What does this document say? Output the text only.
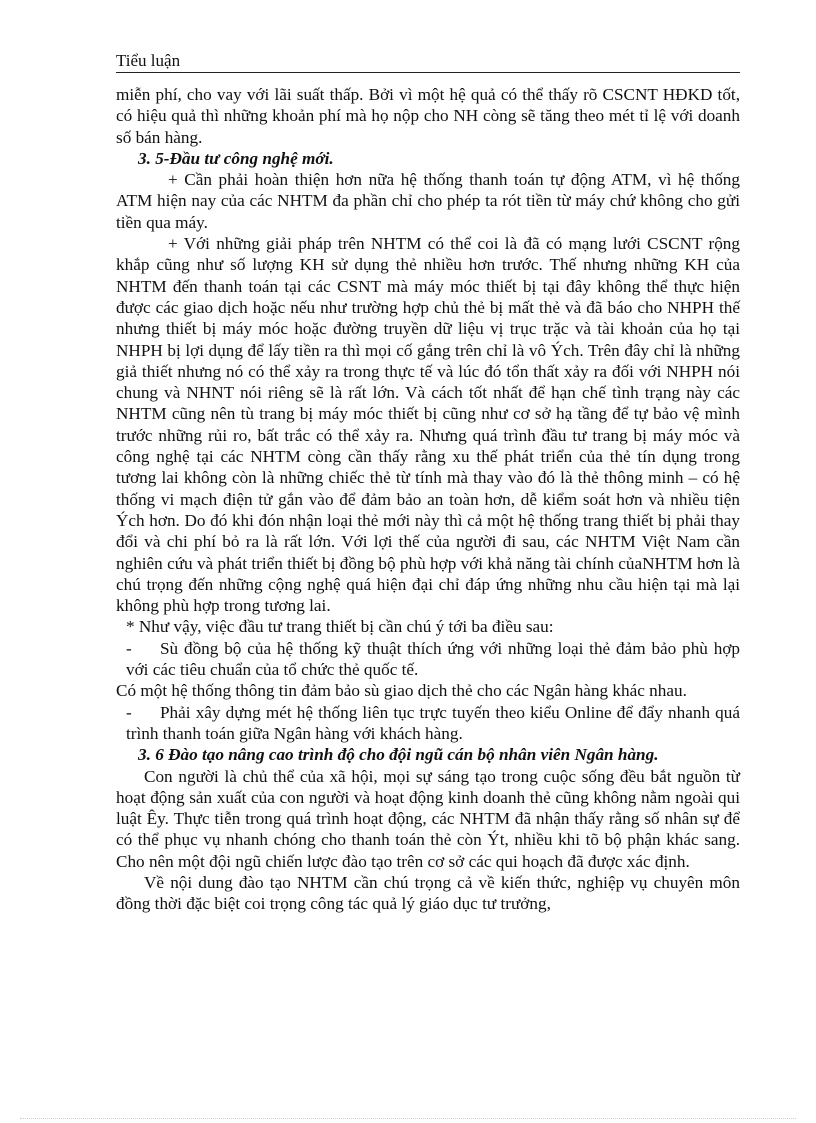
Tiểu luận

miễn phí, cho vay với lãi suất thấp. Bởi vì một hệ quả có thể thấy rõ CSCNT HĐKD tốt, có hiệu quả thì những khoản phí mà họ nộp cho NH còng sẽ tăng theo mét tỉ lệ với doanh số bán hàng.

3. 5-Đầu tư công nghệ mới.

+ Cần phải hoàn thiện hơn nữa hệ thống thanh toán tự động ATM, vì hệ thống ATM hiện nay của các NHTM đa phần chỉ cho phép ta rót tiền từ máy chứ không cho gửi tiền qua máy.

+ Với những giải pháp trên NHTM có thể coi là đã có mạng lưới CSCNT rộng khắp cũng như số lượng KH sử dụng thẻ nhiều hơn trước. Thế nhưng những KH của NHTM đến thanh toán tại các CSNT mà máy móc thiết bị tại đây không thể thực hiện được các giao dịch hoặc nếu như trường hợp chủ thẻ bị mất thẻ và đã báo cho NHPH thế nhưng thiết bị máy móc hoặc đường truyền dữ liệu vị trục trặc và tài khoản của họ tại NHPH bị lợi dụng để lấy tiền ra thì mọi cố gắng trên chỉ là vô Ých. Trên đây chỉ là những giả thiết nhưng nó có thể xảy ra trong thực tế và lúc đó tổn thất xảy ra đối với NHPH nói chung và NHNT nói riêng sẽ là rất lớn. Và cách tốt nhất để hạn chế tình trạng này các NHTM cũng nên tù trang bị máy móc thiết bị cũng như cơ sở hạ tầng để tự bảo vệ mình trước những rủi ro, bất trắc có thể xảy ra. Nhưng quá trình đầu tư trang bị máy móc và công nghệ tại các NHTM còng cần thấy rằng xu thế phát triển của thẻ tín dụng trong tương lai không còn là những chiếc thẻ từ tính mà thay vào đó là thẻ thông minh – có hệ thống vi mạch điện tử gắn vào để đảm bảo an toàn hơn, dễ kiểm soát hơn và nhiều tiện Ých hơn. Do đó khi đón nhận loại thẻ mới này thì cả một hệ thống trang thiết bị phải thay đổi và chi phí bỏ ra là rất lớn. Với lợi thế của người đi sau, các NHTM Việt Nam cần nghiên cứu và phát triển thiết bị đồng bộ phù hợp với khả năng tài chính củaNHTM hơn là chú trọng đến những cộng nghệ quá hiện đại chỉ đáp ứng những nhu cầu hiện tại mà lại không phù hợp trong tương lai.

* Như vậy, việc đầu tư trang thiết bị cần chú ý tới ba điều sau:

- Sù đồng bộ của hệ thống kỹ thuật thích ứng với những loại thẻ đảm bảo phù hợp với các tiêu chuẩn của tổ chức thẻ quốc tế.

Có một hệ thống thông tin đảm bảo sù giao dịch thẻ cho các Ngân hàng khác nhau.

- Phải xây dựng mét hệ thống liên tục trực tuyến theo kiểu Online để đẩy nhanh quá trình thanh toán giữa Ngân hàng với khách hàng.

3. 6 Đào tạo nâng cao trình độ cho đội ngũ cán bộ nhân viên Ngân hàng.

Con người là chủ thể của xã hội, mọi sự sáng tạo trong cuộc sống đều bắt nguồn từ hoạt động sản xuất của con người và hoạt động kinh doanh thẻ cũng không nằm ngoài qui luật Êy. Thực tiễn trong quá trình hoạt động, các NHTM đã nhận thấy rằng số nhân sự để có thể phục vụ nhanh chóng cho thanh toán thẻ còn Ýt, nhiều khi tõ bộ phận khác sang. Cho nên một đội ngũ chiến lược đào tạo trên cơ sở các qui hoạch đã được xác định.

Về nội dung đào tạo NHTM cần chú trọng cả về kiến thức, nghiệp vụ chuyên môn đồng thời đặc biệt coi trọng công tác quả lý giáo dục tư trưởng,
